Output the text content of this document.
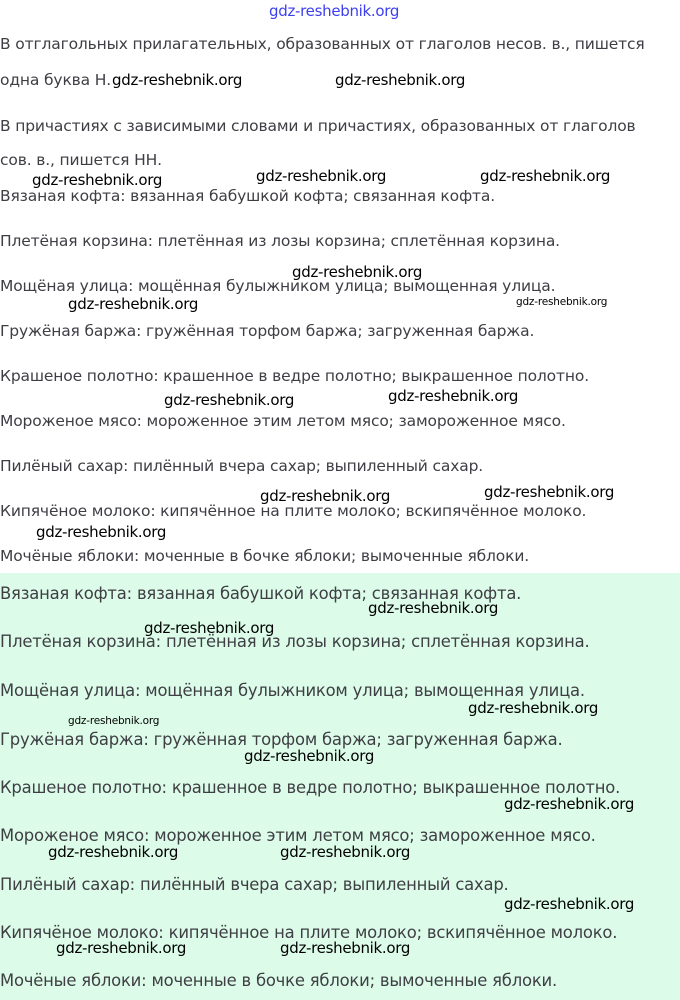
gdz-reshebnik.org

В отглагольных прилагательных, образованных от глаголов несов. в., пишется

одна буква Н.

В причастиях с зависимыми словами и причастиях, образованных от глаголов

сов. в., пишется НН.

Вязаная кофта: вязанная бабушкой кофта; связанная кофта.

Плетёная корзина: плетённая из лозы корзина; сплетённая корзина.

Мощёная улица: мощённая булыжником улица; вымощенная улица.

Гружёная баржа: гружённая торфом баржа; загруженная баржа.

Крашеное полотно: крашенное в ведре полотно; выкрашенное полотно.

Мороженое мясо: мороженное этим летом мясо; замороженное мясо.

Пилёный сахар: пилённый вчера сахар; выпиленный сахар.

Кипячёное молоко: кипячённое на плите молоко; вскипячённое молоко.

Мочёные яблоки: моченные в бочке яблоки; вымоченные яблоки.

Вязаная кофта: вязанная бабушкой кофта; связанная кофта.

Плетёная корзина: плетённая из лозы корзина; сплетённая корзина.

Мощёная улица: мощённая булыжником улица; вымощенная улица.

Гружёная баржа: гружённая торфом баржа; загруженная баржа.

Крашеное полотно: крашенное в ведре полотно; выкрашенное полотно.

Мороженое мясо: мороженное этим летом мясо; замороженное мясо.

Пилёный сахар: пилённый вчера сахар; выпиленный сахар.

Кипячёное молоко: кипячённое на плите молоко; вскипячённое молоко.

Мочёные яблоки: моченные в бочке яблоки; вымоченные яблоки.

gdz-reshebnik.org	gdz-reshebnik.org
gdz-reshebnik.org	gdz-reshebnik.org	gdz-reshebnik.org
gdz-reshebnik.org
gdz-reshebnik.org	gdz-reshebnik.org
gdz-reshebnik.org	gdz-reshebnik.org
gdz-reshebnik.org	gdz-reshebnik.org
gdz-reshebnik.org
gdz-reshebnik.org
gdz-reshebnik.org
gdz-reshebnik.org
gdz-reshebnik.org
gdz-reshebnik.org
gdz-reshebnik.org
gdz-reshebnik.org	gdz-reshebnik.org
gdz-reshebnik.org
gdz-reshebnik.org	gdz-reshebnik.org
